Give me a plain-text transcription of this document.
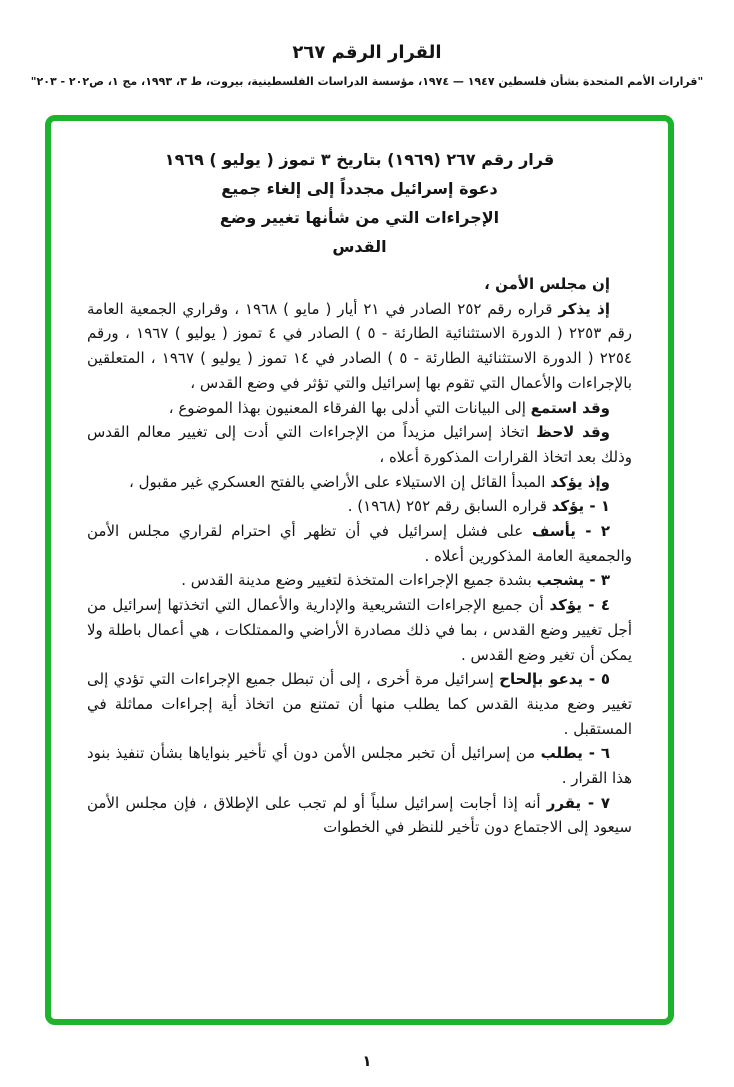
القرار الرقم ٢٦٧
"قرارات الأمم المتحدة بشأن فلسطين ١٩٤٧ — ١٩٧٤، مؤسسة الدراسات الفلسطينية، بيروت، ط ٣، ١٩٩٣، مج ١، ص٢٠٢ - ٢٠٣"
قرار رقم ٢٦٧ (١٩٦٩) بتاريخ ٣ تموز ( يوليو ) ١٩٦٩
دعوة إسرائيل مجدداً إلى إلغاء جميع
الإجراءات التي من شأنها تغيير وضع
القدس

إن مجلس الأمن ،

إذ يذكر قراره رقم ٢٥٢ الصادر في ٢١ أيار ( مايو ) ١٩٦٨ ، وقراري الجمعية العامة رقم ٢٢٥٣ ( الدورة الاستثنائية الطارئة - ٥ ) الصادر في ٤ تموز ( يوليو ) ١٩٦٧ ، ورقم ٢٢٥٤ ( الدورة الاستثنائية الطارئة - ٥ ) الصادر في ١٤ تموز ( يوليو ) ١٩٦٧ ، المتعلقين بالإجراءات والأعمال التي تقوم بها إسرائيل والتي تؤثر في وضع القدس ،

وقد استمع إلى البيانات التي أدلى بها الفرقاء المعنيون بهذا الموضوع ،

وقد لاحظ اتخاذ إسرائيل مزيداً من الإجراءات التي أدت إلى تغيير معالم القدس وذلك بعد اتخاذ القرارات المذكورة أعلاه ،

وإذ يؤكد المبدأ القائل إن الاستيلاء على الأراضي بالفتح العسكري غير مقبول ،

١ - يؤكد قراره السابق رقم ٢٥٢ (١٩٦٨) .

٢ - يأسف على فشل إسرائيل في أن تظهر أي احترام لقراري مجلس الأمن والجمعية العامة المذكورين أعلاه .

٣ - يشجب بشدة جميع الإجراءات المتخذة لتغيير وضع مدينة القدس .

٤ - يؤكد أن جميع الإجراءات التشريعية والإدارية والأعمال التي اتخذتها إسرائيل من أجل تغيير وضع القدس ، بما في ذلك مصادرة الأراضي والممتلكات ، هي أعمال باطلة ولا يمكن أن تغير وضع القدس .

٥ - يدعو بإلحاح إسرائيل مرة أخرى ، إلى أن تبطل جميع الإجراءات التي تؤدي إلى تغيير وضع مدينة القدس كما يطلب منها أن تمتنع من اتخاذ أية إجراءات مماثلة في المستقبل .

٦ - يطلب من إسرائيل أن تخبر مجلس الأمن دون أي تأخير بنواياها بشأن تنفيذ بنود هذا القرار .

٧ - يقرر أنه إذا أجابت إسرائيل سلباً أو لم تجب على الإطلاق ، فإن مجلس الأمن سيعود إلى الاجتماع دون تأخير للنظر في الخطوات

١
